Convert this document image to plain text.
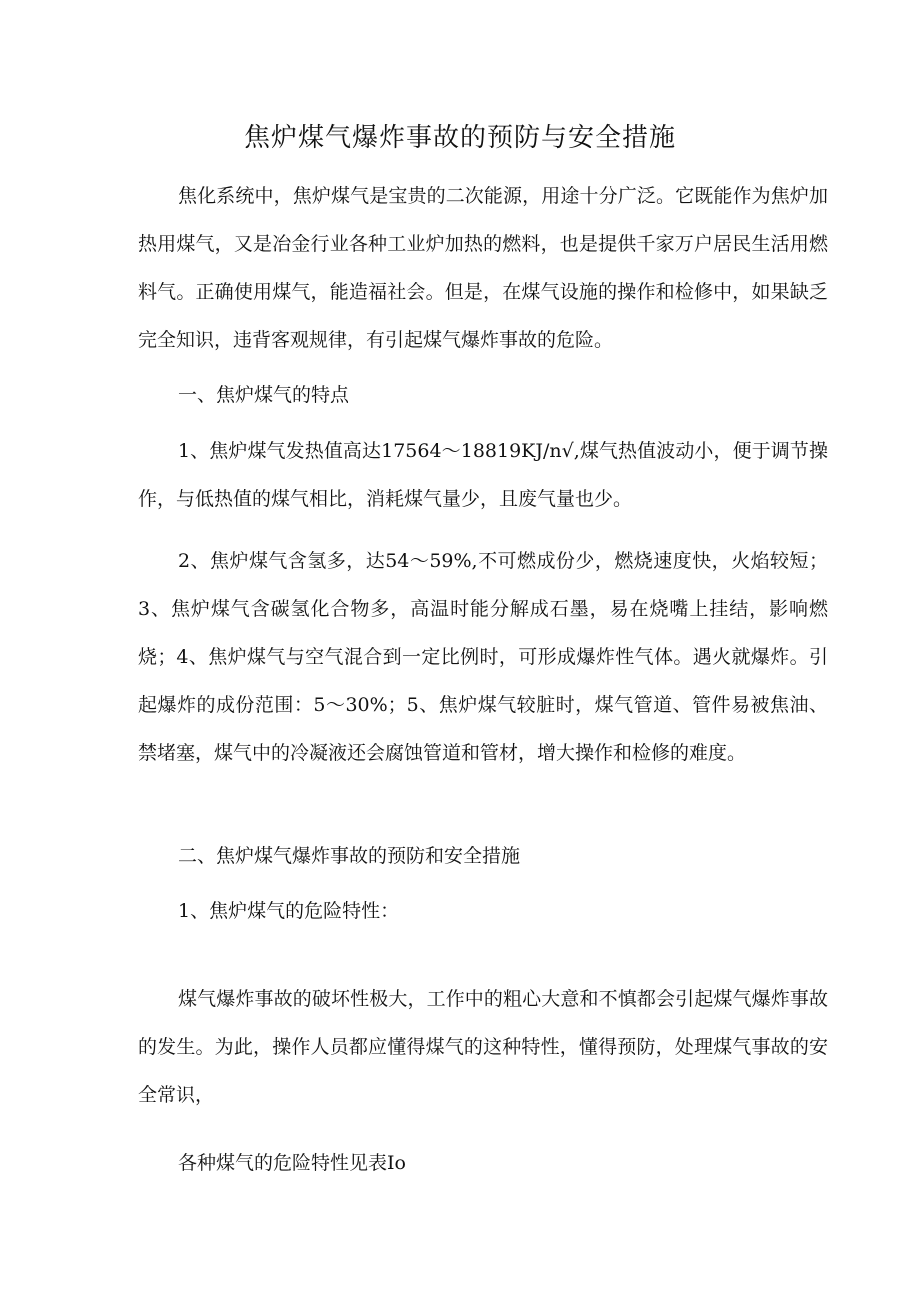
焦炉煤气爆炸事故的预防与安全措施

焦化系统中，焦炉煤气是宝贵的二次能源，用途十分广泛。它既能作为焦炉加热用煤气，又是冶金行业各种工业炉加热的燃料，也是提供千家万户居民生活用燃料气。正确使用煤气，能造福社会。但是，在煤气设施的操作和检修中，如果缺乏完全知识，违背客观规律，有引起煤气爆炸事故的危险。

一、焦炉煤气的特点

1、焦炉煤气发热值高达17564～18819KJ/n√,煤气热值波动小，便于调节操作，与低热值的煤气相比，消耗煤气量少，且废气量也少。

2、焦炉煤气含氢多，达54～59%,不可燃成份少，燃烧速度快，火焰较短；3、焦炉煤气含碳氢化合物多，高温时能分解成石墨，易在烧嘴上挂结，影响燃烧；4、焦炉煤气与空气混合到一定比例时，可形成爆炸性气体。遇火就爆炸。引起爆炸的成份范围：5～30%；5、焦炉煤气较脏时，煤气管道、管件易被焦油、禁堵塞，煤气中的冷凝液还会腐蚀管道和管材，增大操作和检修的难度。

二、焦炉煤气爆炸事故的预防和安全措施

1、焦炉煤气的危险特性：

煤气爆炸事故的破坏性极大，工作中的粗心大意和不慎都会引起煤气爆炸事故的发生。为此，操作人员都应懂得煤气的这种特性，懂得预防，处理煤气事故的安全常识，

各种煤气的危险特性见表Io
